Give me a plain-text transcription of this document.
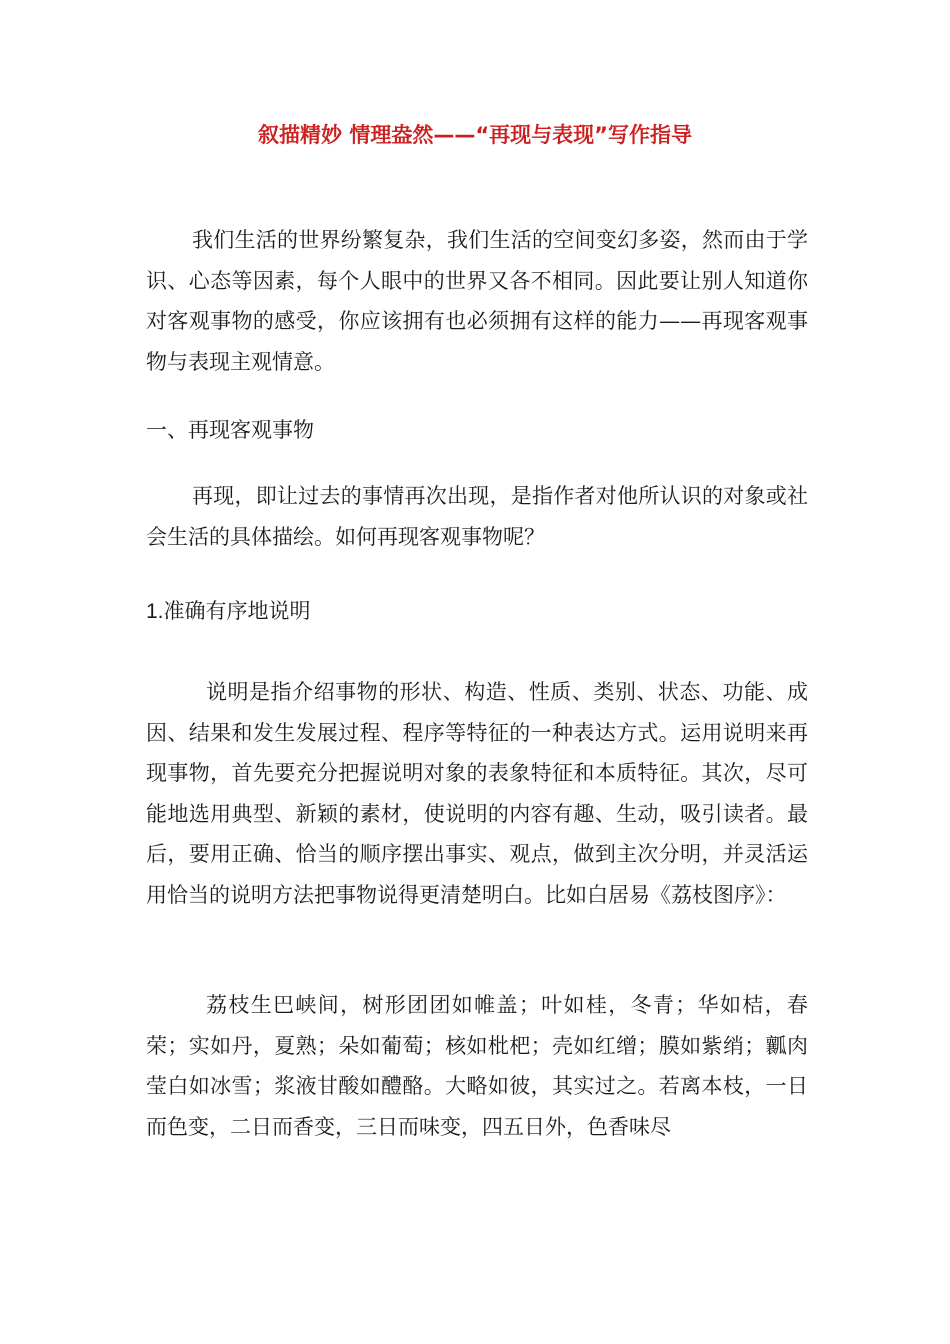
叙描精妙 情理盎然——“再现与表现”写作指导

我们生活的世界纷繁复杂，我们生活的空间变幻多姿，然而由于学识、心态等因素，每个人眼中的世界又各不相同。因此要让别人知道你对客观事物的感受，你应该拥有也必须拥有这样的能力——再现客观事物与表现主观情意。

一、再现客观事物

再现，即让过去的事情再次出现，是指作者对他所认识的对象或社会生活的具体描绘。如何再现客观事物呢？

1.准确有序地说明

说明是指介绍事物的形状、构造、性质、类别、状态、功能、成因、结果和发生发展过程、程序等特征的一种表达方式。运用说明来再现事物，首先要充分把握说明对象的表象特征和本质特征。其次，尽可能地选用典型、新颖的素材，使说明的内容有趣、生动，吸引读者。最后，要用正确、恰当的顺序摆出事实、观点，做到主次分明，并灵活运用恰当的说明方法把事物说得更清楚明白。比如白居易《荔枝图序》：

荔枝生巴峡间，树形团团如帷盖；叶如桂，冬青；华如桔，春荣；实如丹，夏熟；朵如葡萄；核如枇杷；壳如红缯；膜如紫绡；瓤肉莹白如冰雪；浆液甘酸如醴酪。大略如彼，其实过之。若离本枝，一日而色变，二日而香变，三日而味变，四五日外，色香味尽
